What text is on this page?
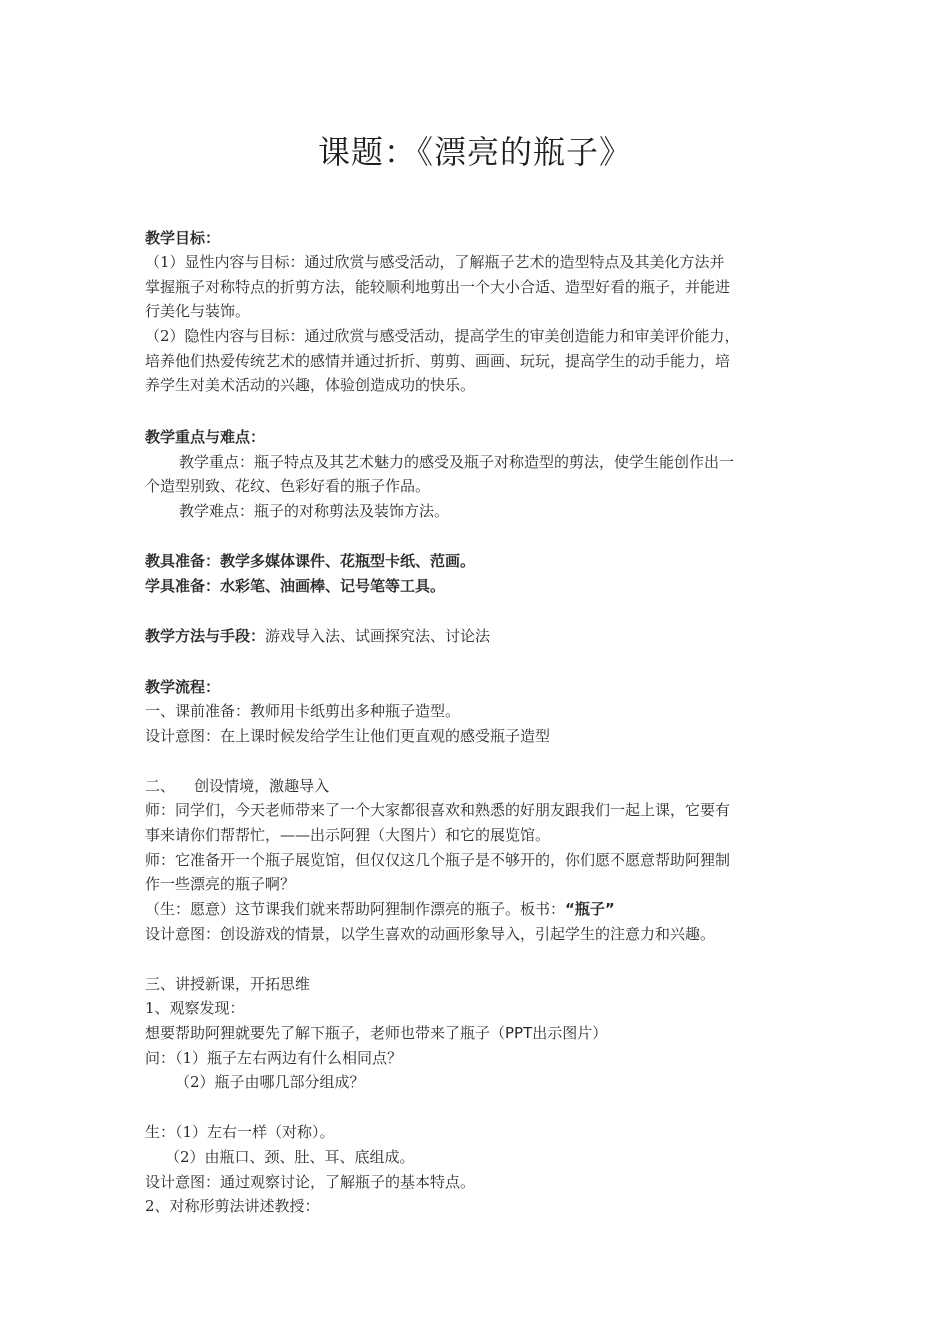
课题：《漂亮的瓶子》
教学目标：
（1）显性内容与目标：通过欣赏与感受活动，了解瓶子艺术的造型特点及其美化方法并
掌握瓶子对称特点的折剪方法，能较顺利地剪出一个大小合适、造型好看的瓶子，并能进
行美化与装饰。
（2）隐性内容与目标：通过欣赏与感受活动，提高学生的审美创造能力和审美评价能力，
培养他们热爱传统艺术的感情并通过折折、剪剪、画画、玩玩，提高学生的动手能力，培
养学生对美术活动的兴趣，体验创造成功的快乐。
教学重点与难点：
教学重点：瓶子特点及其艺术魅力的感受及瓶子对称造型的剪法，使学生能创作出一
个造型别致、花纹、色彩好看的瓶子作品。
教学难点：瓶子的对称剪法及装饰方法。
教具准备：教学多媒体课件、花瓶型卡纸、范画。
学具准备：水彩笔、油画棒、记号笔等工具。
教学方法与手段：游戏导入法、试画探究法、讨论法
教学流程：
一、课前准备：教师用卡纸剪出多种瓶子造型。
设计意图：在上课时候发给学生让他们更直观的感受瓶子造型
二、    创设情境，激趣导入
师：同学们，今天老师带来了一个大家都很喜欢和熟悉的好朋友跟我们一起上课，它要有
事来请你们帮帮忙，——出示阿狸（大图片）和它的展览馆。
师：它准备开一个瓶子展览馆，但仅仅这几个瓶子是不够开的，你们愿不愿意帮助阿狸制
作一些漂亮的瓶子啊？
（生：愿意）这节课我们就来帮助阿狸制作漂亮的瓶子。板书：“瓶子”
设计意图：创设游戏的情景，以学生喜欢的动画形象导入，引起学生的注意力和兴趣。
三、讲授新课，开拓思维
1、观察发现：
想要帮助阿狸就要先了解下瓶子，老师也带来了瓶子（PPT出示图片）
问：（1）瓶子左右两边有什么相同点？
（2）瓶子由哪几部分组成？
生：（1）左右一样（对称）。
（2）由瓶口、颈、肚、耳、底组成。
设计意图：通过观察讨论，了解瓶子的基本特点。
2、对称形剪法讲述教授：
